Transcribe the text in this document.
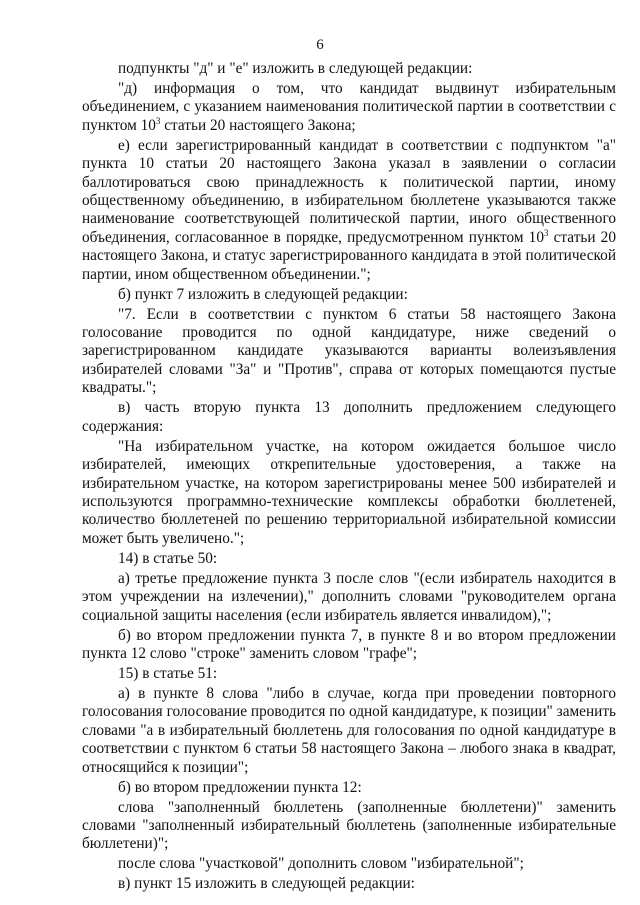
6

подпункты "д" и "е" изложить в следующей редакции:

"д) информация о том, что кандидат выдвинут избирательным объединением, с указанием наименования политической партии в соответствии с пунктом $10^3$ статьи 20 настоящего Закона;

е) если зарегистрированный кандидат в соответствии с подпунктом "а" пункта 10 статьи 20 настоящего Закона указал в заявлении о согласии баллотироваться свою принадлежность к политической партии, иному общественному объединению, в избирательном бюллетене указываются также наименование соответствующей политической партии, иного общественного объединения, согласованное в порядке, предусмотренном пунктом $10^3$ статьи 20 настоящего Закона, и статус зарегистрированного кандидата в этой политической партии, ином общественном объединении.";

б) пункт 7 изложить в следующей редакции:

"7. Если в соответствии с пунктом 6 статьи 58 настоящего Закона голосование проводится по одной кандидатуре, ниже сведений о зарегистрированном кандидате указываются варианты волеизъявления избирателей словами "За" и "Против", справа от которых помещаются пустые квадраты.";

в) часть вторую пункта 13 дополнить предложением следующего содержания:

"На избирательном участке, на котором ожидается большое число избирателей, имеющих открепительные удостоверения, а также на избирательном участке, на котором зарегистрированы менее 500 избирателей и используются программно-технические комплексы обработки бюллетеней, количество бюллетеней по решению территориальной избирательной комиссии может быть увеличено.";

14) в статье 50:

а) третье предложение пункта 3 после слов "(если избиратель находится в этом учреждении на излечении)," дополнить словами "руководителем органа социальной защиты населения (если избиратель является инвалидом),";

б) во втором предложении пункта 7, в пункте 8 и во втором предложении пункта 12 слово "строке" заменить словом "графе";

15) в статье 51:

а) в пункте 8 слова "либо в случае, когда при проведении повторного голосования голосование проводится по одной кандидатуре, к позиции" заменить словами "а в избирательный бюллетень для голосования по одной кандидатуре в соответствии с пунктом 6 статьи 58 настоящего Закона – любого знака в квадрат, относящийся к позиции";

б) во втором предложении пункта 12:

слова "заполненный бюллетень (заполненные бюллетени)" заменить словами "заполненный избирательный бюллетень (заполненные избирательные бюллетени)";

после слова "участковой" дополнить словом "избирательной";

в) пункт 15 изложить в следующей редакции:
